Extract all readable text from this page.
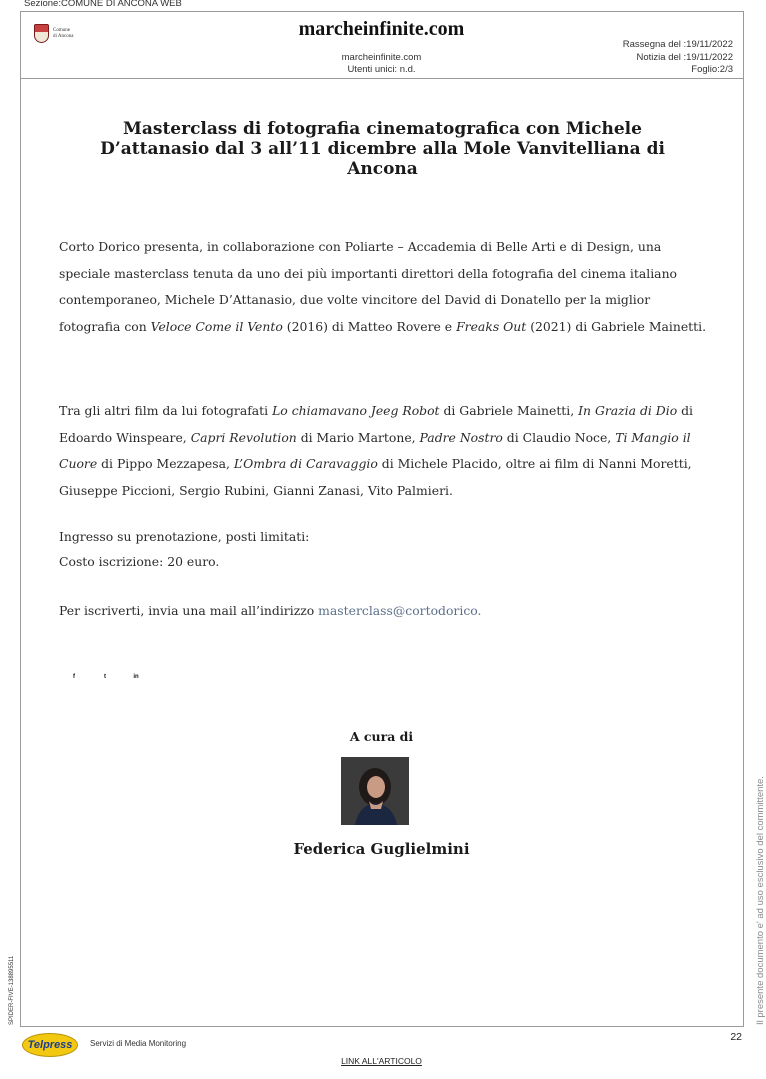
Sezione:COMUNE DI ANCONA WEB
Comune
di Ancona	marcheinfinite.com
marcheinfinite.com
Utenti unici: n.d.
Rassegna del :19/11/2022
Notizia del :19/11/2022
Foglio:2/3
Masterclass di fotografia cinematografica con Michele D’attanasio dal 3 all’11 dicembre alla Mole Vanvitelliana di Ancona
Corto Dorico presenta, in collaborazione con Poliarte – Accademia di Belle Arti e di Design, una speciale masterclass tenuta da uno dei più importanti direttori della fotografia del cinema italiano contemporaneo, Michele D’Attanasio, due volte vincitore del David di Donatello per la miglior fotografia con Veloce Come il Vento (2016) di Matteo Rovere e Freaks Out (2021) di Gabriele Mainetti.
Tra gli altri film da lui fotografati Lo chiamavano Jeeg Robot di Gabriele Mainetti, In Grazia di Dio di Edoardo Winspeare, Capri Revolution di Mario Martone, Padre Nostro di Claudio Noce, Ti Mangio il Cuore di Pippo Mezzapesa, L’Ombra di Caravaggio di Michele Placido, oltre ai film di Nanni Moretti, Giuseppe Piccioni, Sergio Rubini, Gianni Zanasi, Vito Palmieri.
Ingresso su prenotazione, posti limitati:
Costo iscrizione: 20 euro.
Per iscriverti, invia una mail all’indirizzo masterclass@cortodorico.
f	t	in
A cura di
Federica Guglielmini	Il presente documento e' ad uso esclusivo del committente.
SPIDER-FIVE-138895511
22
Telpress	Servizi di Media Monitoring
LINK ALL'ARTICOLO
